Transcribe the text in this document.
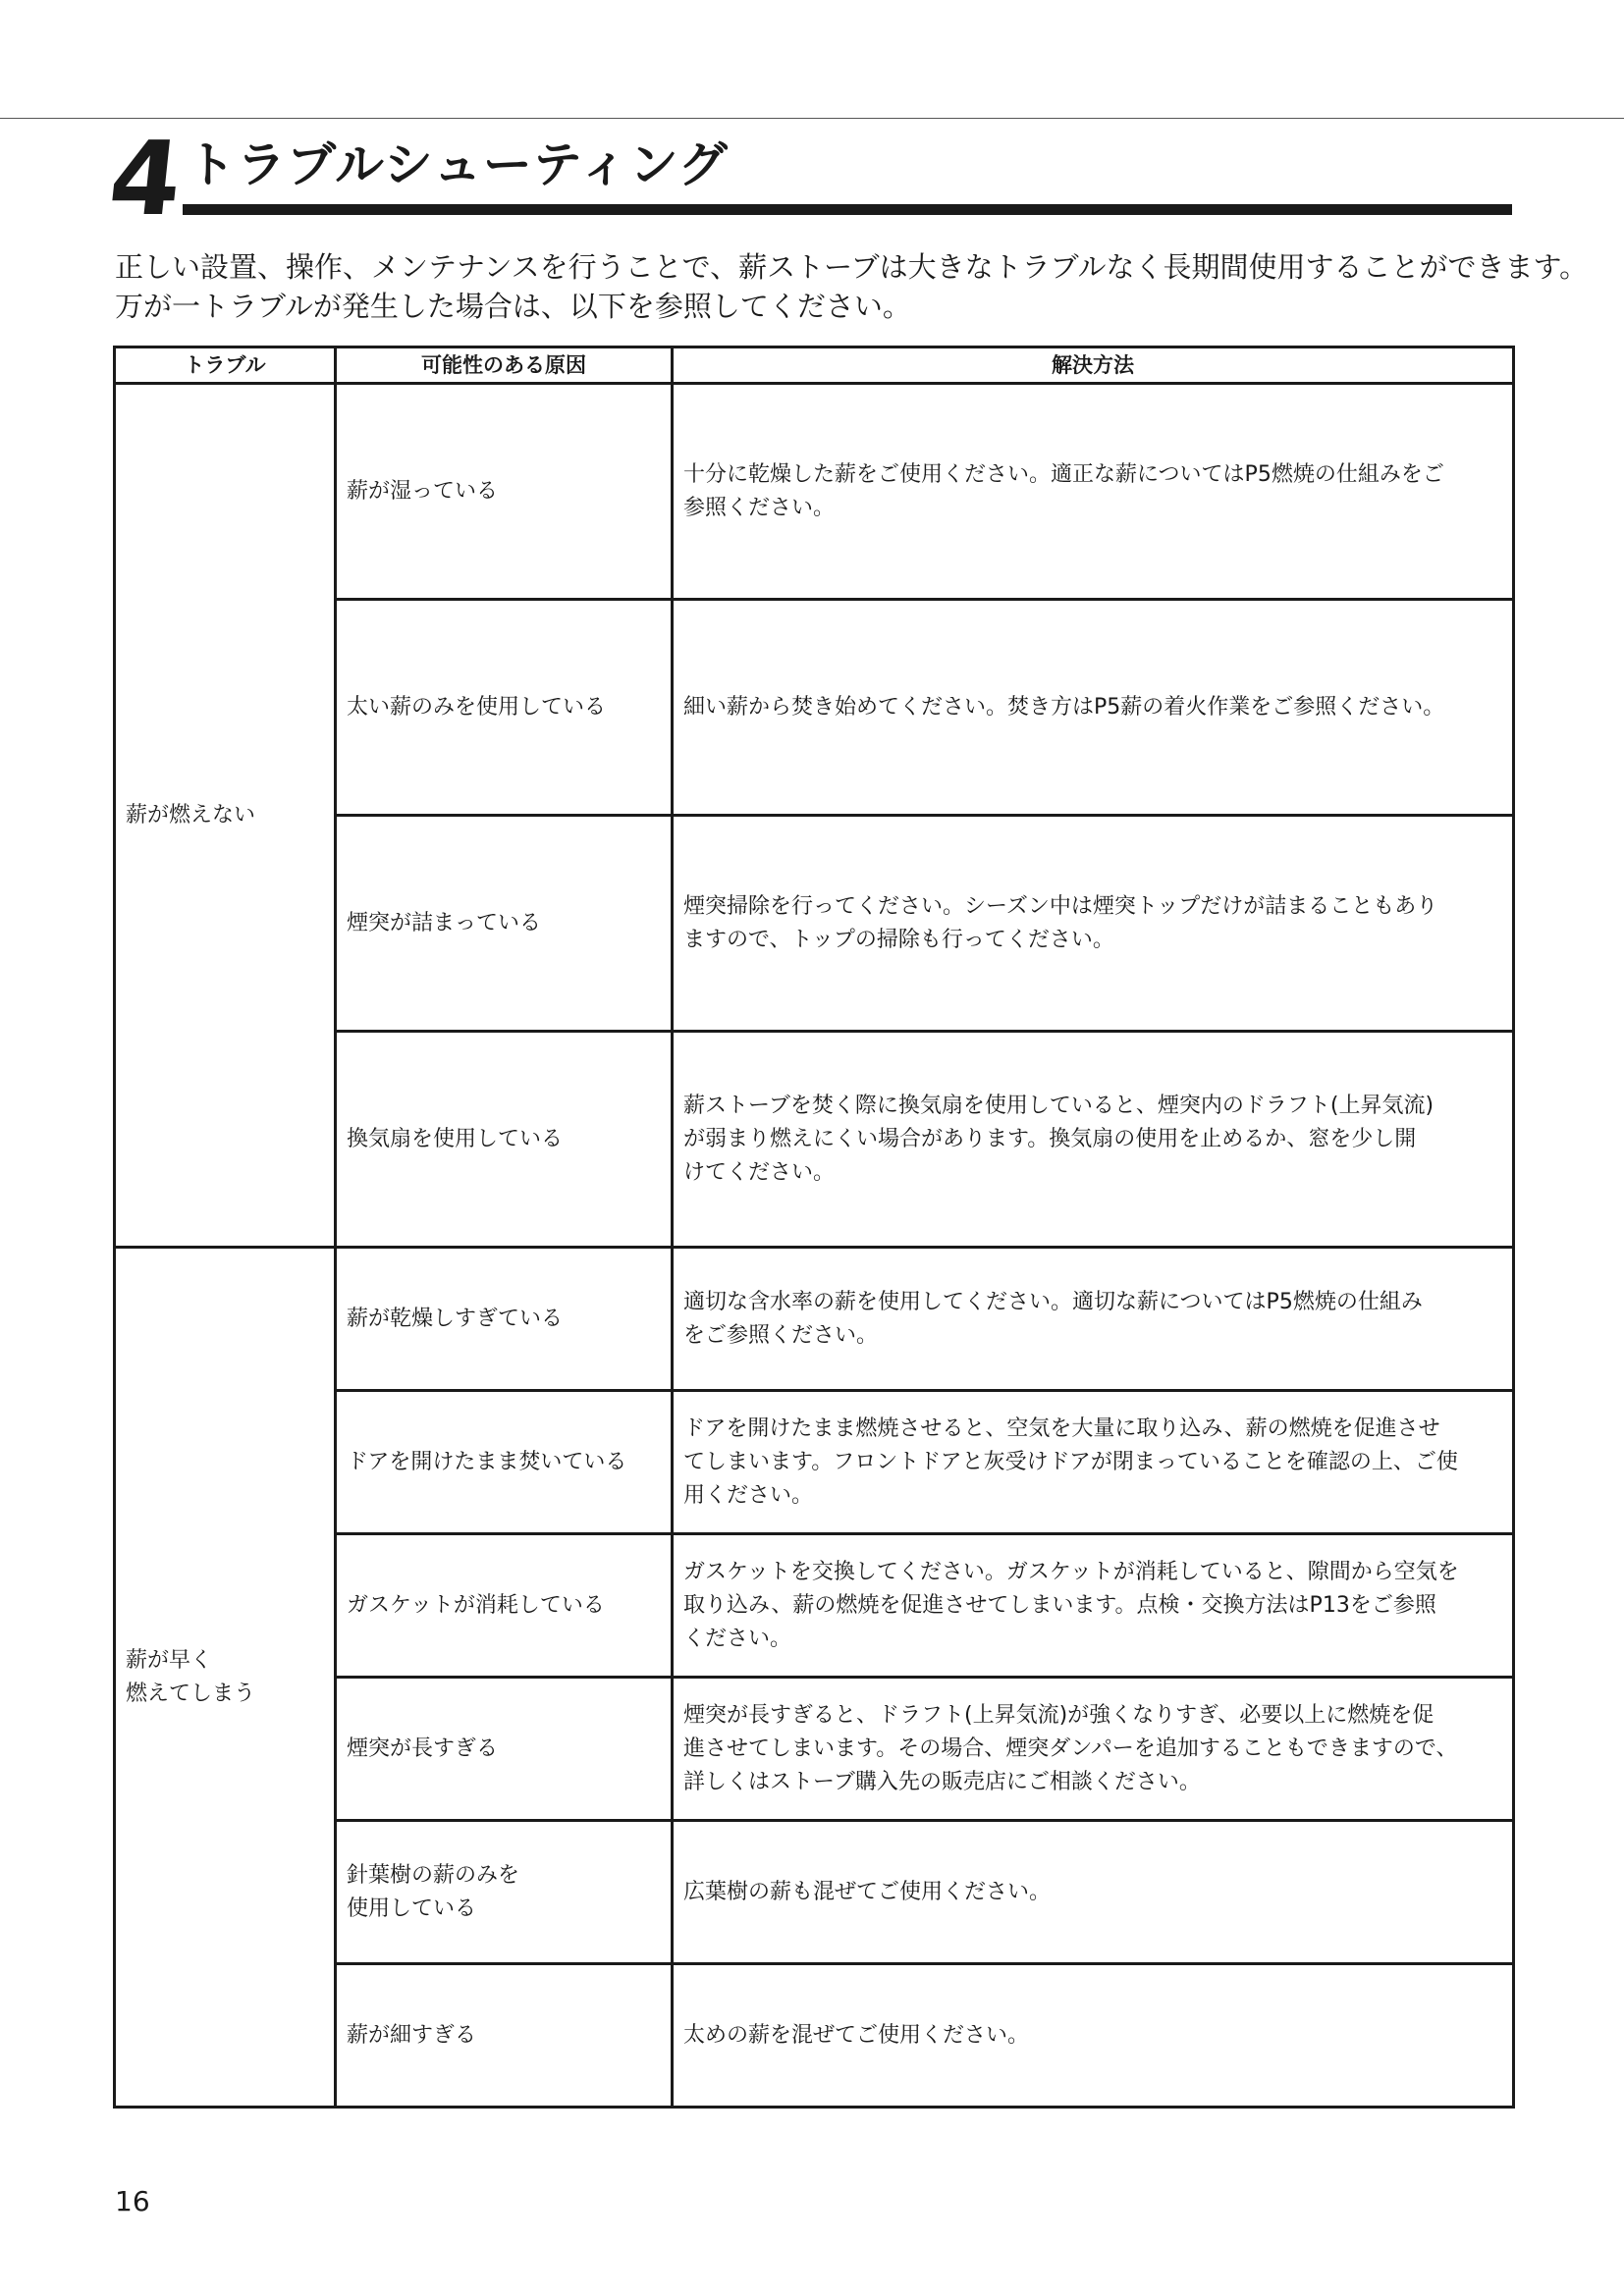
4 トラブルシューティング
正しい設置、操作、メンテナンスを行うことで、薪ストーブは大きなトラブルなく長期間使用することができます。
万が一トラブルが発生した場合は、以下を参照してください。
トラブル	可能性のある原因	解決方法

薪が燃えない	薪が湿っている	十分に乾燥した薪をご使用ください。適正な薪についてはP5燃焼の仕組みをご
参照ください。

	太い薪のみを使用している	細い薪から焚き始めてください。焚き方はP5薪の着火作業をご参照ください。

	煙突が詰まっている	煙突掃除を行ってください。シーズン中は煙突トップだけが詰まることもあり
ますので、トップの掃除も行ってください。

	換気扇を使用している	薪ストーブを焚く際に換気扇を使用していると、煙突内のドラフト(上昇気流)
が弱まり燃えにくい場合があります。換気扇の使用を止めるか、窓を少し開
けてください。

薪が早く
燃えてしまう	薪が乾燥しすぎている	適切な含水率の薪を使用してください。適切な薪についてはP5燃焼の仕組み
をご参照ください。

	ドアを開けたまま焚いている	ドアを開けたまま燃焼させると、空気を大量に取り込み、薪の燃焼を促進させ
てしまいます。フロントドアと灰受けドアが閉まっていることを確認の上、ご使
用ください。

	ガスケットが消耗している	ガスケットを交換してください。ガスケットが消耗していると、隙間から空気を
取り込み、薪の燃焼を促進させてしまいます。点検・交換方法はP13をご参照
ください。

	煙突が長すぎる	煙突が長すぎると、ドラフト(上昇気流)が強くなりすぎ、必要以上に燃焼を促
進させてしまいます。その場合、煙突ダンパーを追加することもできますので、
詳しくはストーブ購入先の販売店にご相談ください。

	針葉樹の薪のみを
使用している	広葉樹の薪も混ぜてご使用ください。

	薪が細すぎる	太めの薪を混ぜてご使用ください。
16
